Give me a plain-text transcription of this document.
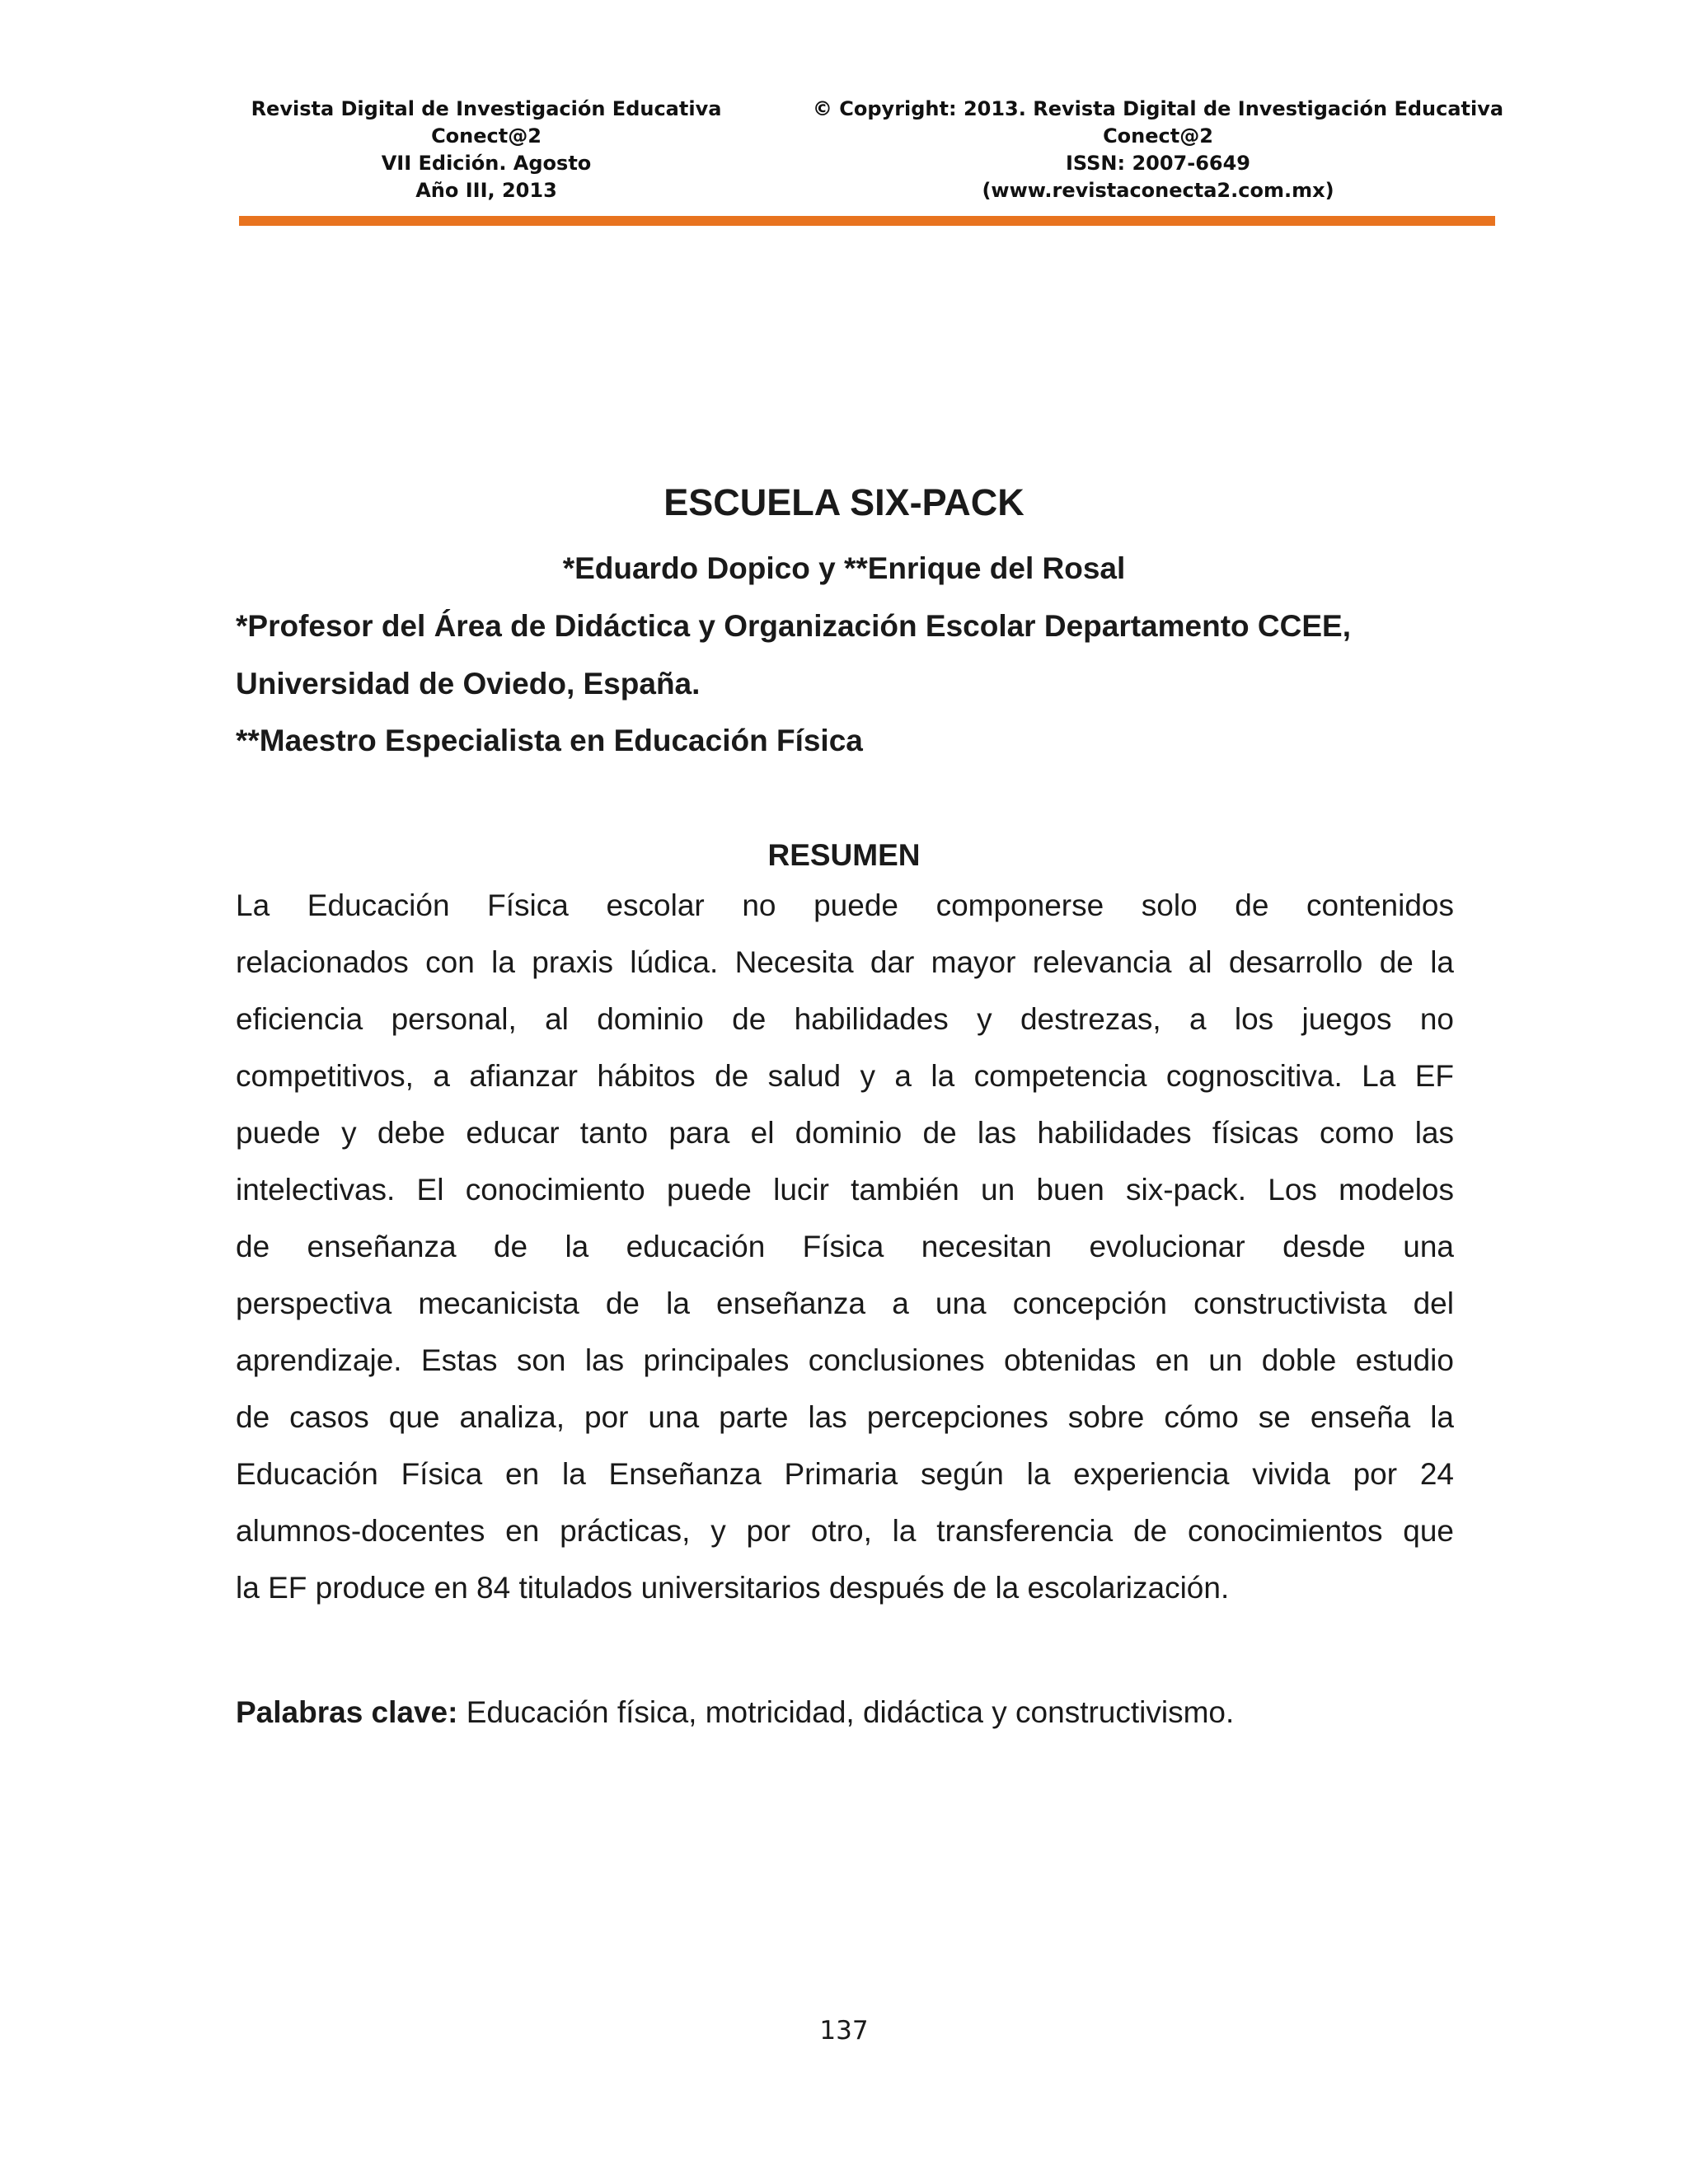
Revista Digital de Investigación Educativa
Conect@2
VII Edición. Agosto
Año III, 2013
© Copyright: 2013. Revista Digital de Investigación Educativa
Conect@2
ISSN: 2007-6649
(www.revistaconecta2.com.mx)
ESCUELA SIX-PACK
*Eduardo Dopico y **Enrique del Rosal
*Profesor del Área de Didáctica y Organización Escolar Departamento CCEE,
Universidad de Oviedo, España.
**Maestro Especialista en Educación Física
RESUMEN
La Educación Física escolar no puede componerse solo de contenidos
relacionados con la praxis lúdica. Necesita dar mayor relevancia al desarrollo de la
eficiencia personal, al dominio de habilidades y destrezas, a los juegos no
competitivos, a afianzar hábitos de salud y a la competencia cognoscitiva. La EF
puede y debe educar tanto para el dominio de las habilidades físicas como las
intelectivas. El conocimiento puede lucir también un buen six-pack. Los modelos
de enseñanza de la educación Física necesitan evolucionar desde una
perspectiva mecanicista de la enseñanza a una concepción constructivista del
aprendizaje. Estas son las principales conclusiones obtenidas en un doble estudio
de casos que analiza, por una parte las percepciones sobre cómo se enseña la
Educación Física en la Enseñanza Primaria según la experiencia vivida por 24
alumnos-docentes en prácticas, y por otro, la transferencia de conocimientos que
la EF produce en 84 titulados universitarios después de la escolarización.
Palabras clave: Educación física, motricidad, didáctica y constructivismo.
137
